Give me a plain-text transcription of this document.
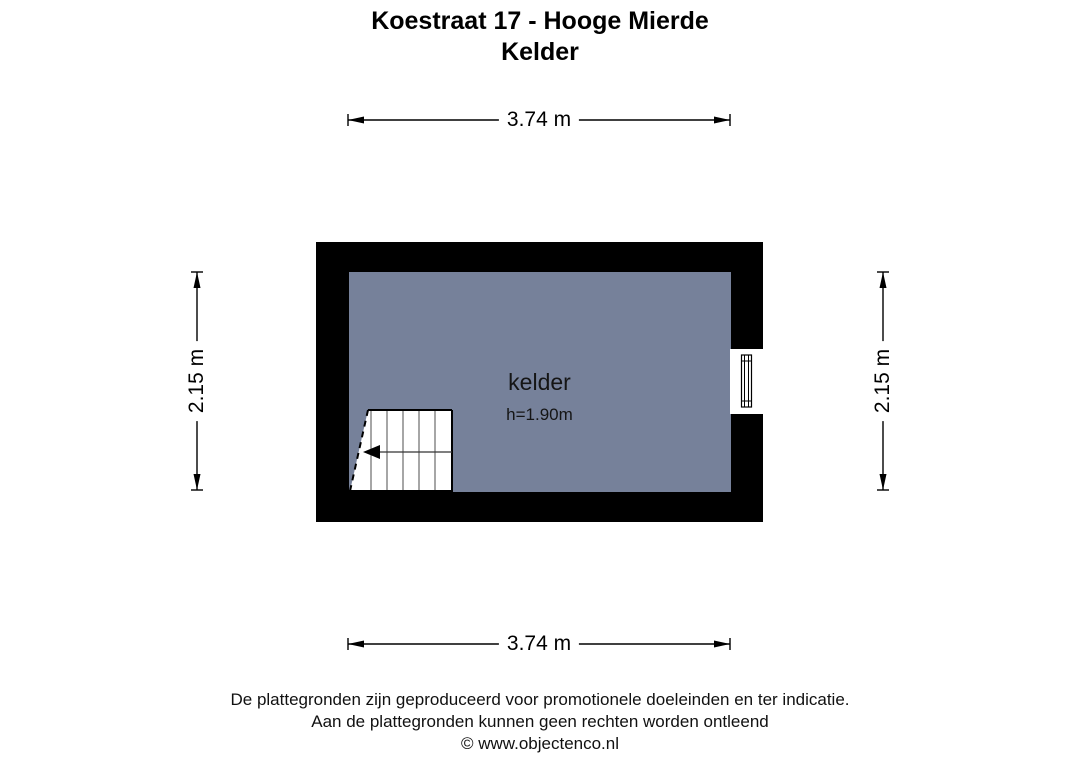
Koestraat 17 - Hooge Mierde
Kelder
3.74 m
2.15 m	2.15 m
kelder
h=1.90m
3.74 m
De plattegronden zijn geproduceerd voor promotionele doeleinden en ter indicatie.
Aan de plattegronden kunnen geen rechten worden ontleend
© www.objectenco.nl
